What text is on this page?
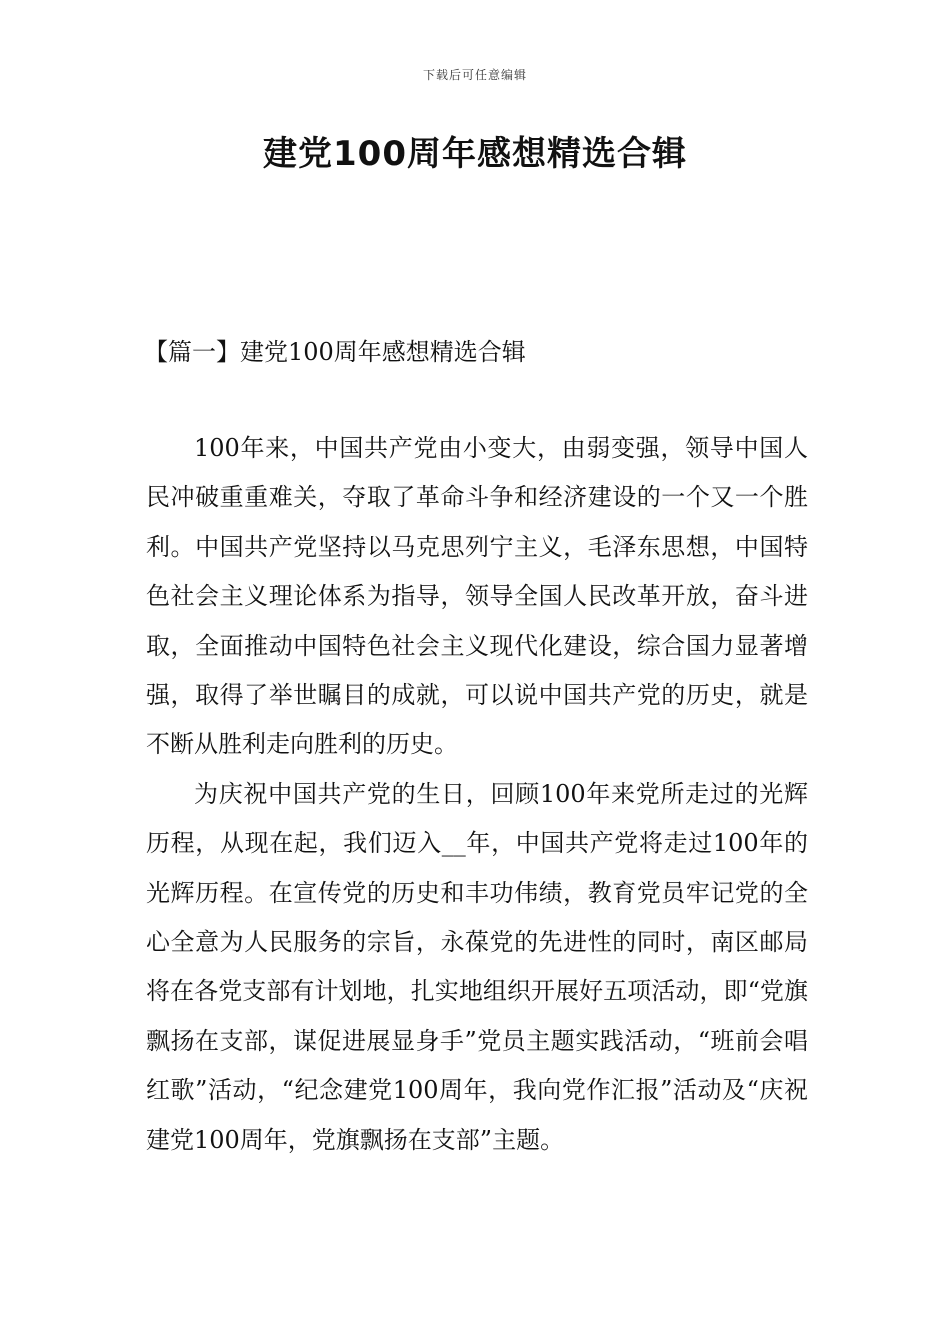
下载后可任意编辑
建党100周年感想精选合辑
【篇一】建党100周年感想精选合辑

100年来，中国共产党由小变大，由弱变强，领导中国人民冲破重重难关，夺取了革命斗争和经济建设的一个又一个胜利。中国共产党坚持以马克思列宁主义，毛泽东思想，中国特色社会主义理论体系为指导，领导全国人民改革开放，奋斗进取，全面推动中国特色社会主义现代化建设，综合国力显著增强，取得了举世瞩目的成就，可以说中国共产党的历史，就是不断从胜利走向胜利的历史。

为庆祝中国共产党的生日，回顾100年来党所走过的光辉历程，从现在起，我们迈入__年，中国共产党将走过100年的光辉历程。在宣传党的历史和丰功伟绩，教育党员牢记党的全心全意为人民服务的宗旨，永葆党的先进性的同时，南区邮局将在各党支部有计划地，扎实地组织开展好五项活动，即“党旗飘扬在支部，谋促进展显身手”党员主题实践活动，“班前会唱红歌”活动，“纪念建党100周年，我向党作汇报”活动及“庆祝建党100周年，党旗飘扬在支部”主题。
